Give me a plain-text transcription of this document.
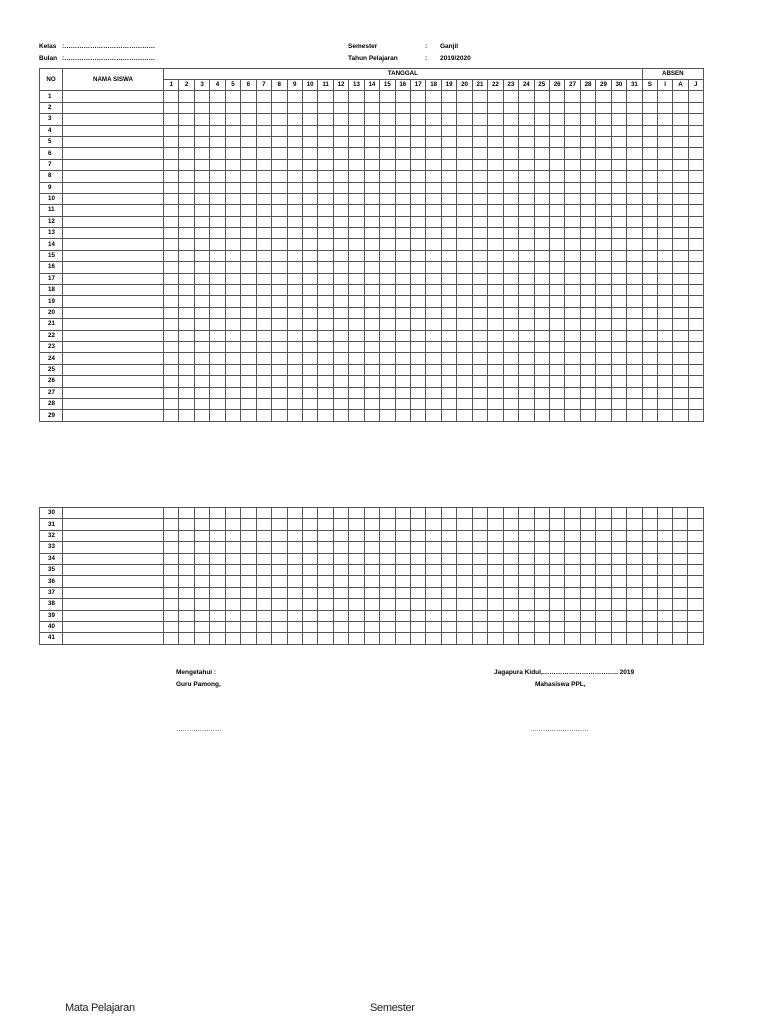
Kelas :……………………………………
Bulan :……………………………………
Semester	: Ganjil
Tahun Pelajaran	: 2019/2020
NO	NAMA SISWA	TANGGAL																															ABSEN			
		1	2	3	4	5	6	7	8	9	10	11	12	13	14	15	16	17	18	19	20	21	22	23	24	25	26	27	28	29	30	31	S	I	A	J
1																																				
2																																				
3																																				
4																																				
5																																				
6																																				
7																																				
8																																				
9																																				
10																																				
11																																				
12																																				
13																																				
14																																				
15																																				
16																																				
17																																				
18																																				
19																																				
20																																				
21																																				
22																																				
23																																				
24																																				
25																																				
26																																				
27																																				
28																																				
29																																				
30																																				
31																																				
32																																				
33																																				
34																																				
35																																				
36																																				
37																																				
38																																				
39																																				
40																																				
41																																				
Mengetahui :
Guru Pamong,
…………………
Jagapura Kidul,…………………………….. 2019
Mahasiswa PPL,
………………………
Mata Pelajaran	Semester
